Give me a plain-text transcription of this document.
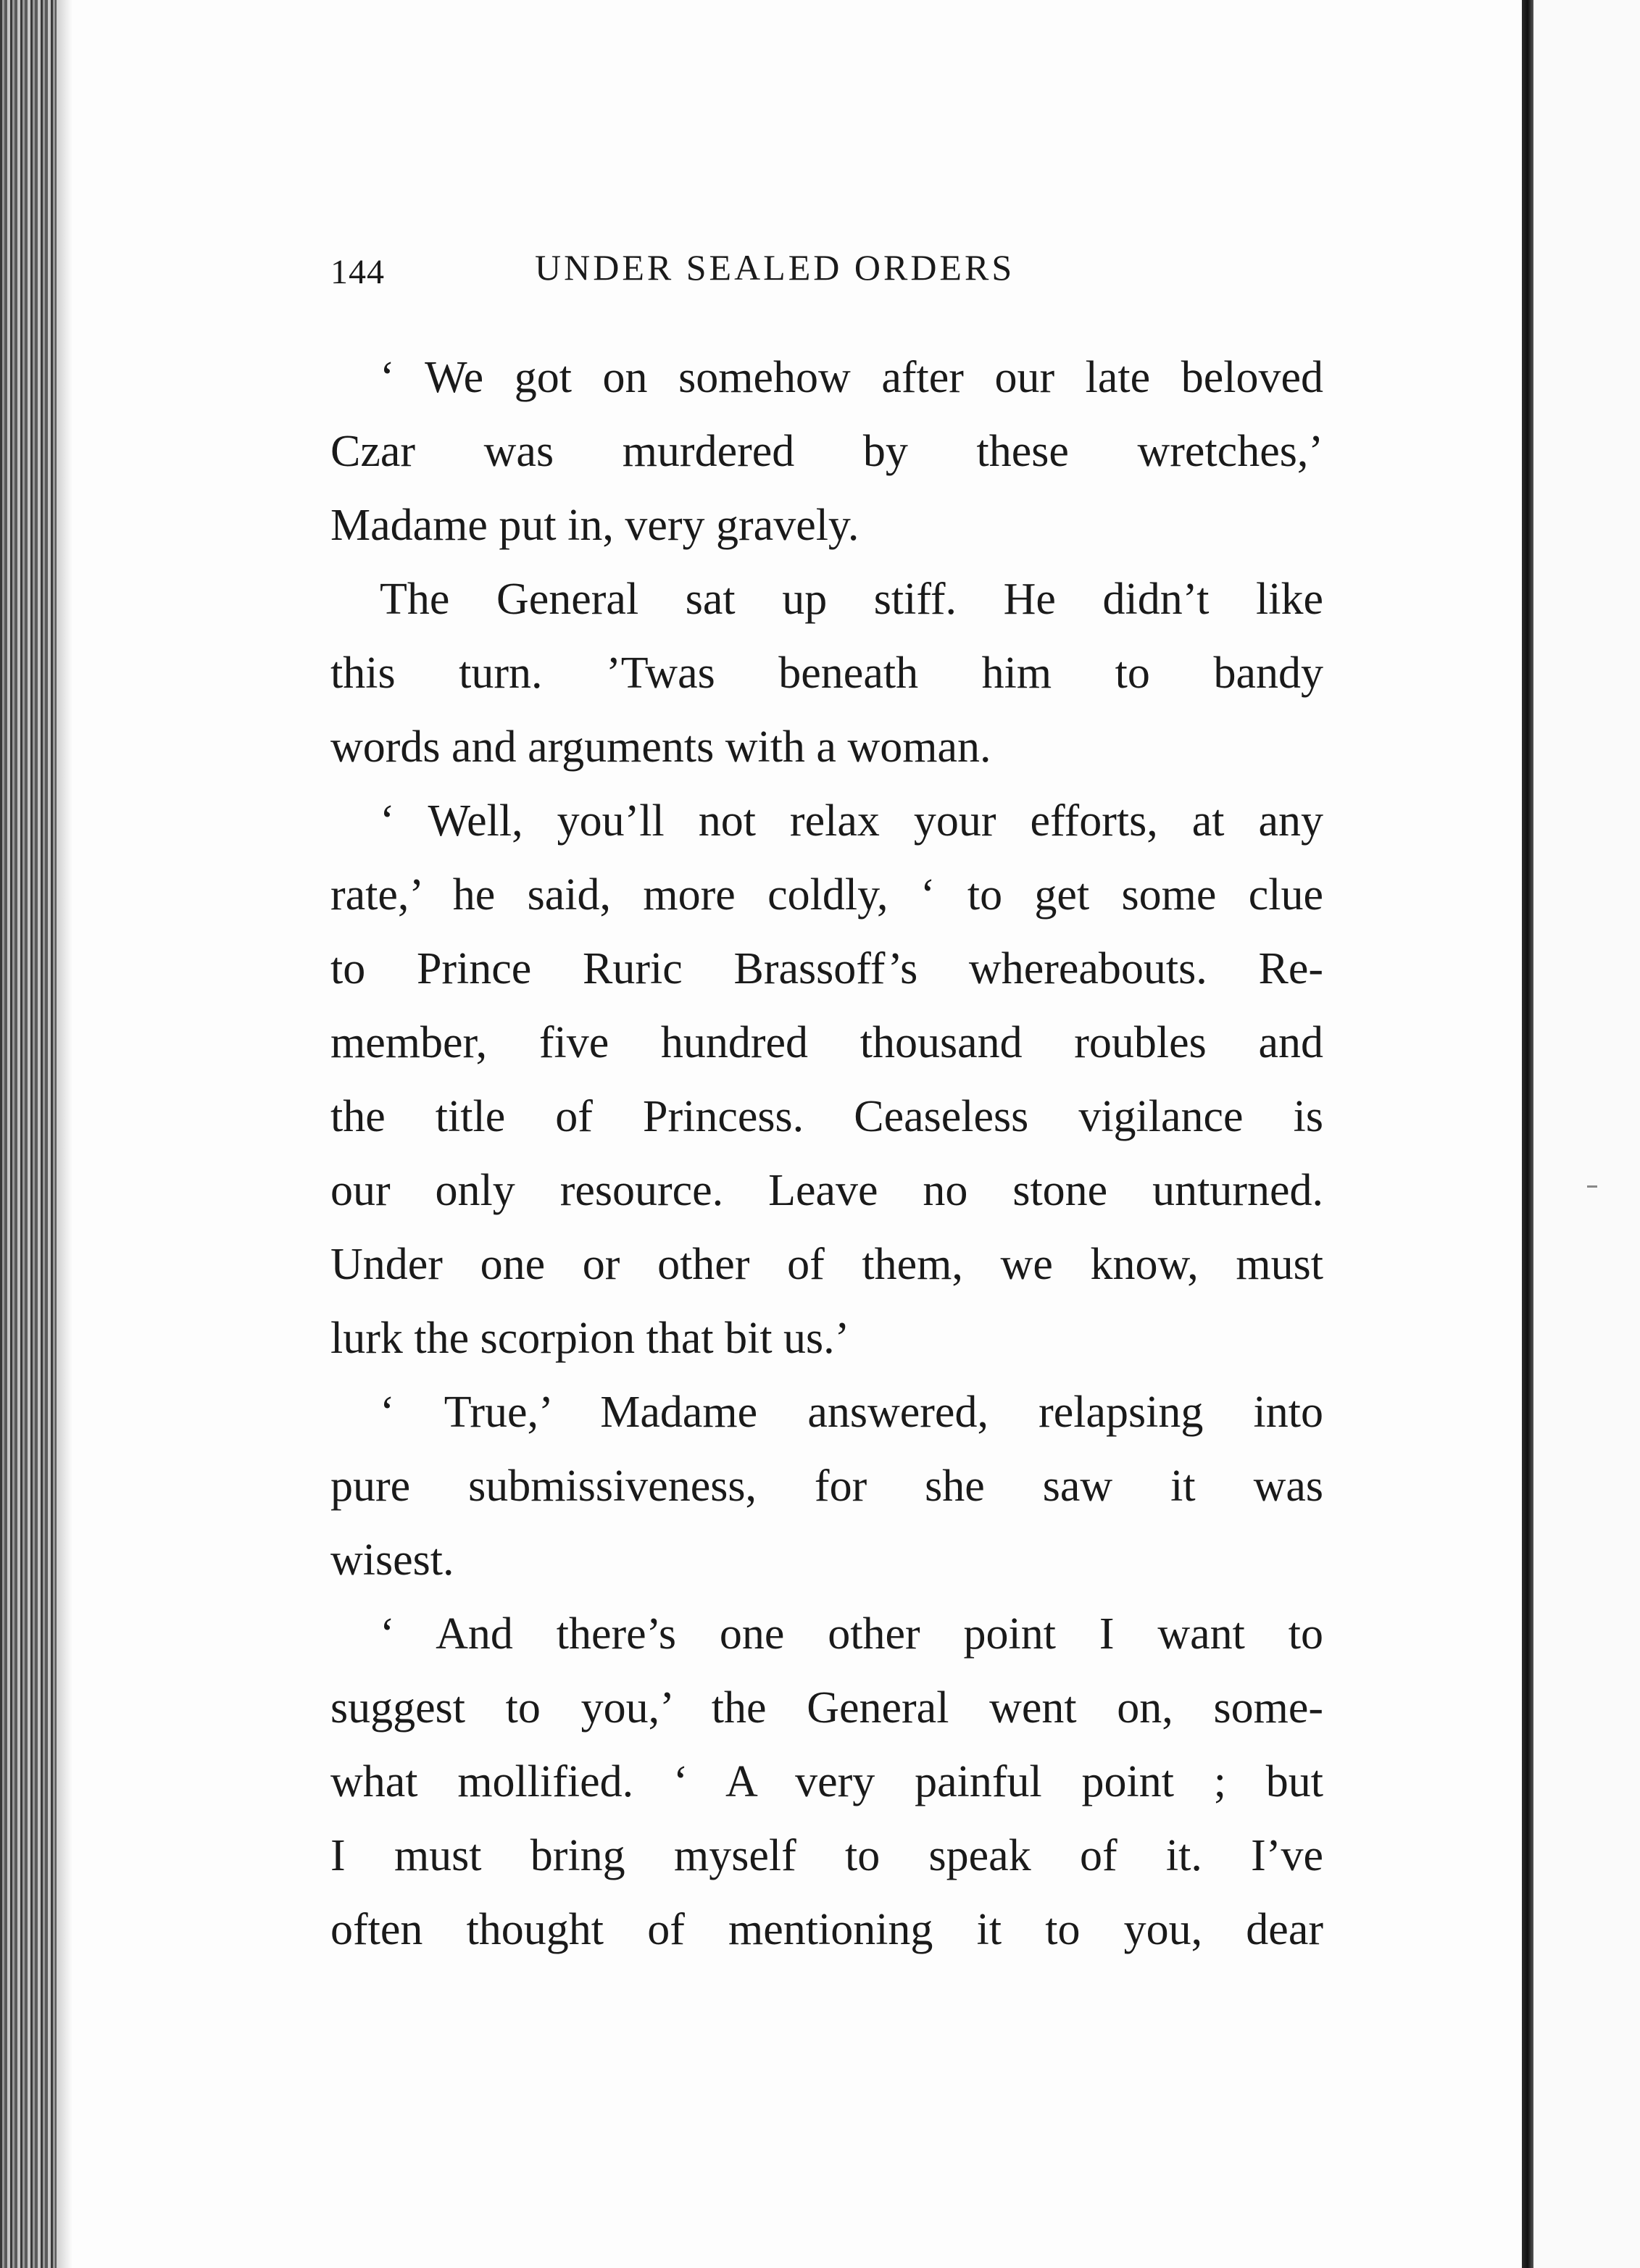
144	UNDER SEALED ORDERS
‘ We got on somehow after our late beloved
Czar was murdered by these wretches,’
Madame put in, very gravely.
The General sat up stiff. He didn’t like
this turn. ’Twas beneath him to bandy
words and arguments with a woman.
‘ Well, you’ll not relax your efforts, at any
rate,’ he said, more coldly, ‘ to get some clue
to Prince Ruric Brassoff’s whereabouts. Re-
member, five hundred thousand roubles and
the title of Princess. Ceaseless vigilance is
our only resource. Leave no stone unturned.
Under one or other of them, we know, must
lurk the scorpion that bit us.’
‘ True,’ Madame answered, relapsing into
pure submissiveness, for she saw it was
wisest.
‘ And there’s one other point I want to
suggest to you,’ the General went on, some-
what mollified. ‘ A very painful point ; but
I must bring myself to speak of it. I’ve
often thought of mentioning it to you, dear
